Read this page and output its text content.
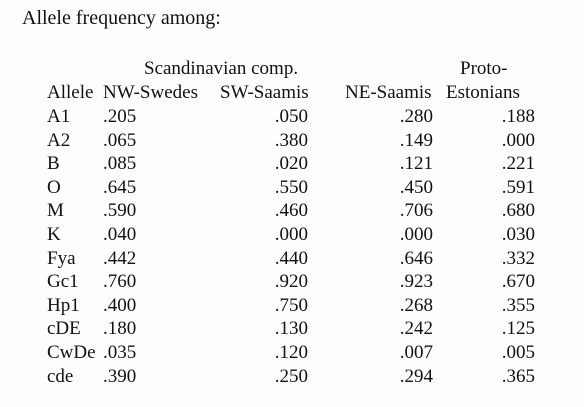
Allele frequency among:
Scandinavian comp.	Proto-
Allele NW-Swedes SW-Saamis NE-Saamis Estonians
A1 .205	.050	.280	.188
A2 .065	.380	.149	.000
B .085	.020	.121	.221
O .645	.550	.450	.591
M .590	.460	.706	.680
K .040	.000	.000	.030
Fya .442	.440	.646	.332
Gc1 .760	.920	.923	.670
Hp1 .400	.750	.268	.355
cDE .180	.130	.242	.125
CwDe .035	.120	.007	.005
cde .390	.250	.294	.365
